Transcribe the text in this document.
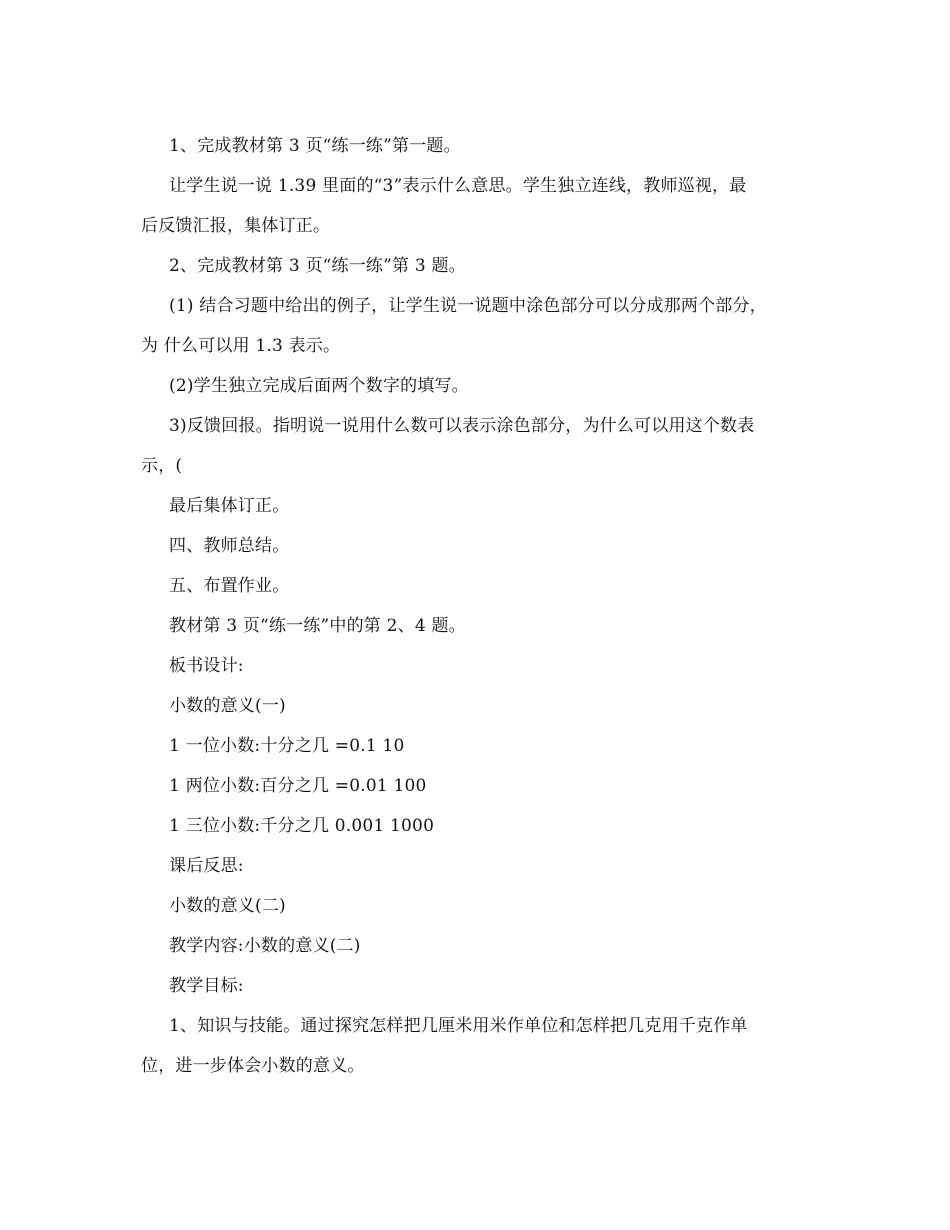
1、完成教材第 3 页“练一练”第一题。

让学生说一说 1.39 里面的“3”表示什么意思。学生独立连线，教师巡视，最

后反馈汇报，集体订正。

2、完成教材第 3 页“练一练”第 3 题。

(1) 结合习题中给出的例子，让学生说一说题中涂色部分可以分成那两个部分，

为 什么可以用 1.3 表示。

(2)学生独立完成后面两个数字的填写。

3)反馈回报。指明说一说用什么数可以表示涂色部分，为什么可以用这个数表

示，(

最后集体订正。

四、教师总结。

五、布置作业。

教材第 3 页“练一练”中的第 2、4 题。

板书设计:

小数的意义(一)

1 一位小数:十分之几 =0.1 10

1 两位小数:百分之几 =0.01 100

1 三位小数:千分之几 0.001 1000

课后反思:

小数的意义(二)

教学内容:小数的意义(二)

教学目标:

1、知识与技能。通过探究怎样把几厘米用米作单位和怎样把几克用千克作单

位，进一步体会小数的意义。
